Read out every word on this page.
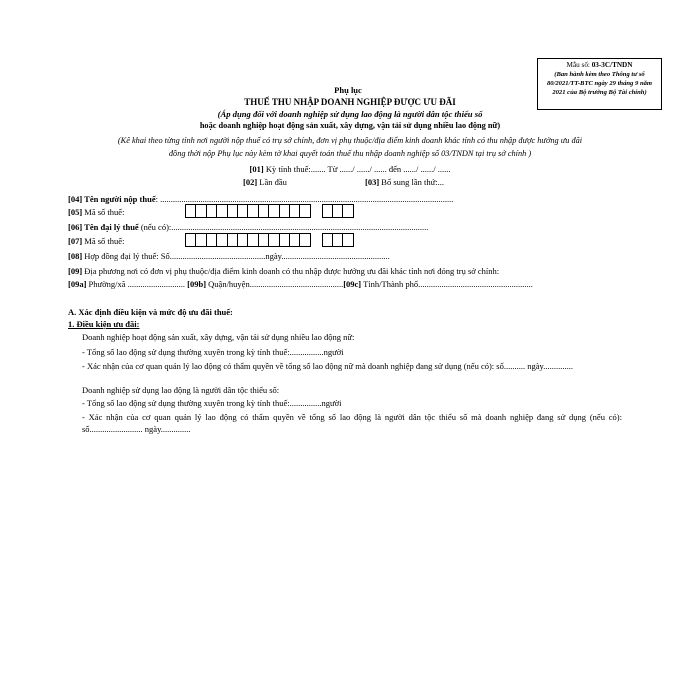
Mẫu số: 03-3C/TNDN
(Ban hành kèm theo Thông tư số
80/2021/TT-BTC ngày 29 tháng 9 năm
2021 của Bộ trưởng Bộ Tài chính)
Phụ lục
THUẾ THU NHẬP DOANH NGHIỆP ĐƯỢC ƯU ĐÃI
(Áp dụng đối với doanh nghiệp sử dụng lao động là người dân tộc thiểu số
hoặc doanh nghiệp hoạt động sản xuất, xây dựng, vận tải sử dụng nhiều lao động nữ)
(Kê khai theo từng tỉnh nơi người nộp thuế có trụ sở chính, đơn vị phụ thuộc/địa điểm kinh doanh khác tỉnh có thu nhập được hưởng ưu đãi
đồng thời nộp Phụ lục này kèm tờ khai quyết toán thuế thu nhập doanh nghiệp số 03/TNDN tại trụ sở chính )
[01] Kỳ tính thuế:....... Từ ....../ ....../ ...... đến ....../ ....../ ......
[02] Lần đầu	[03] Bổ sung lần thứ:...
[04] Tên người nộp thuế: ..........................................................................................................................................
[05] Mã số thuế:
[06] Tên đại lý thuế (nếu có):.........................................................................................................................
[07] Mã số thuế:
[08] Hợp đồng đại lý thuế: Số.............................................ngày...................................................
[09] Địa phương nơi có đơn vị phụ thuộc/địa điểm kinh doanh có thu nhập được hưởng ưu đãi khác tỉnh nơi đóng trụ sở chính:
[09a] Phường/xã ........................... [09b] Quận/huyện............................................[09c] Tỉnh/Thành phố......................................................
A. Xác định điều kiện và mức độ ưu đãi thuế:
1. Điều kiện ưu đãi:
Doanh nghiệp hoạt động sản xuất, xây dựng, vận tải sử dụng nhiều lao động nữ:
- Tổng số lao động sử dụng thường xuyên trong kỳ tính thuế:................người
- Xác nhận của cơ quan quản lý lao động có thẩm quyền về tổng số lao động nữ mà doanh nghiệp đang sử dụng (nếu có): số.......... ngày..............
Doanh nghiệp sử dụng lao động là người dân tộc thiểu số:
- Tổng số lao động sử dụng thường xuyên trong kỳ tính thuế:...............người
- Xác nhận của cơ quan quản lý lao động có thẩm quyền về tổng số lao động là người dân tộc thiểu số mà doanh nghiệp đang sử dụng (nếu có): số......................... ngày..............
